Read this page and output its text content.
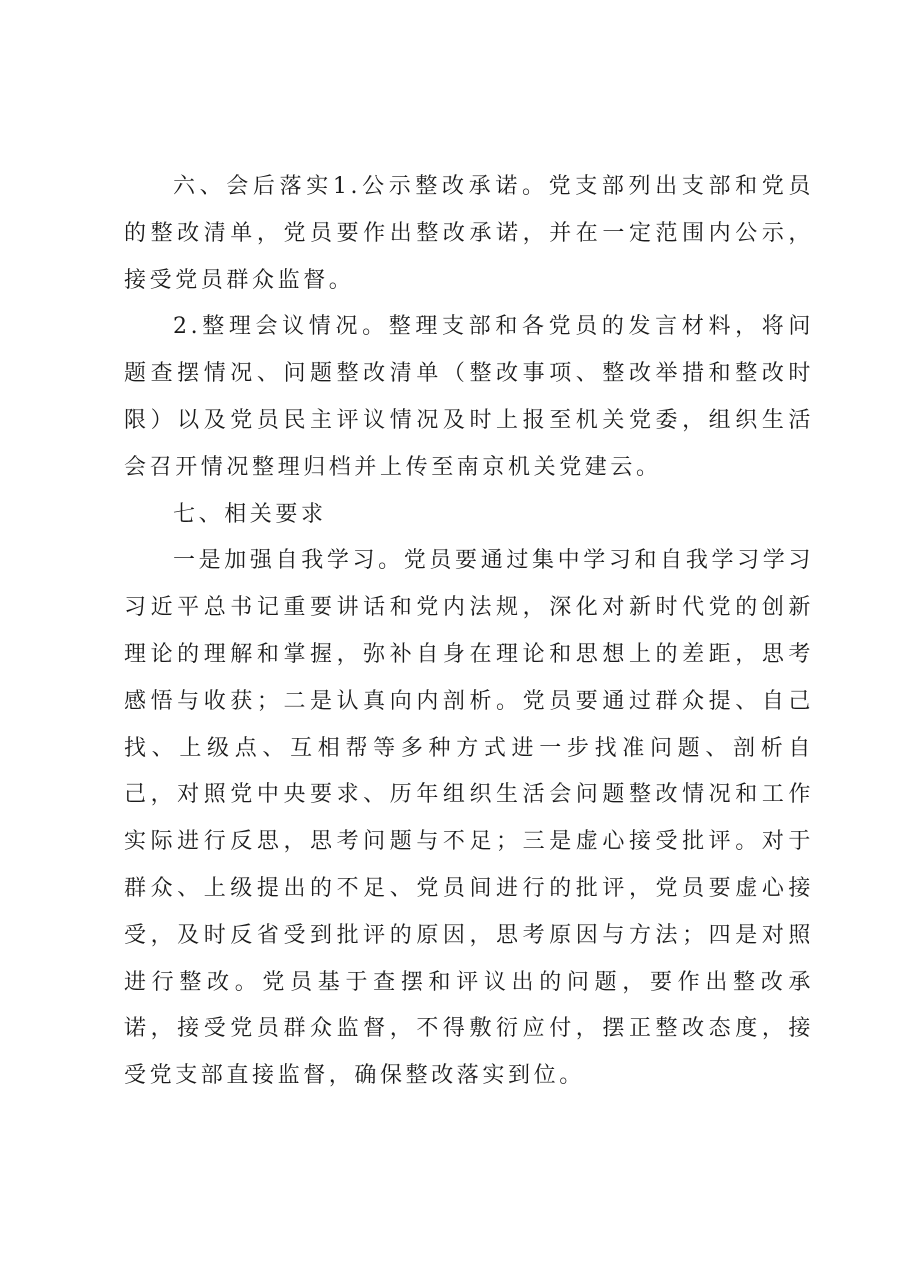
六、会后落实1.公示整改承诺。党支部列出支部和党员的整改清单，党员要作出整改承诺，并在一定范围内公示，接受党员群众监督。

2.整理会议情况。整理支部和各党员的发言材料，将问题查摆情况、问题整改清单（整改事项、整改举措和整改时限）以及党员民主评议情况及时上报至机关党委，组织生活会召开情况整理归档并上传至南京机关党建云。

七、相关要求

一是加强自我学习。党员要通过集中学习和自我学习学习习近平总书记重要讲话和党内法规，深化对新时代党的创新理论的理解和掌握，弥补自身在理论和思想上的差距，思考感悟与收获；二是认真向内剖析。党员要通过群众提、自己找、上级点、互相帮等多种方式进一步找准问题、剖析自己，对照党中央要求、历年组织生活会问题整改情况和工作实际进行反思，思考问题与不足；三是虚心接受批评。对于群众、上级提出的不足、党员间进行的批评，党员要虚心接受，及时反省受到批评的原因，思考原因与方法；四是对照进行整改。党员基于查摆和评议出的问题，要作出整改承诺，接受党员群众监督，不得敷衍应付，摆正整改态度，接受党支部直接监督，确保整改落实到位。
